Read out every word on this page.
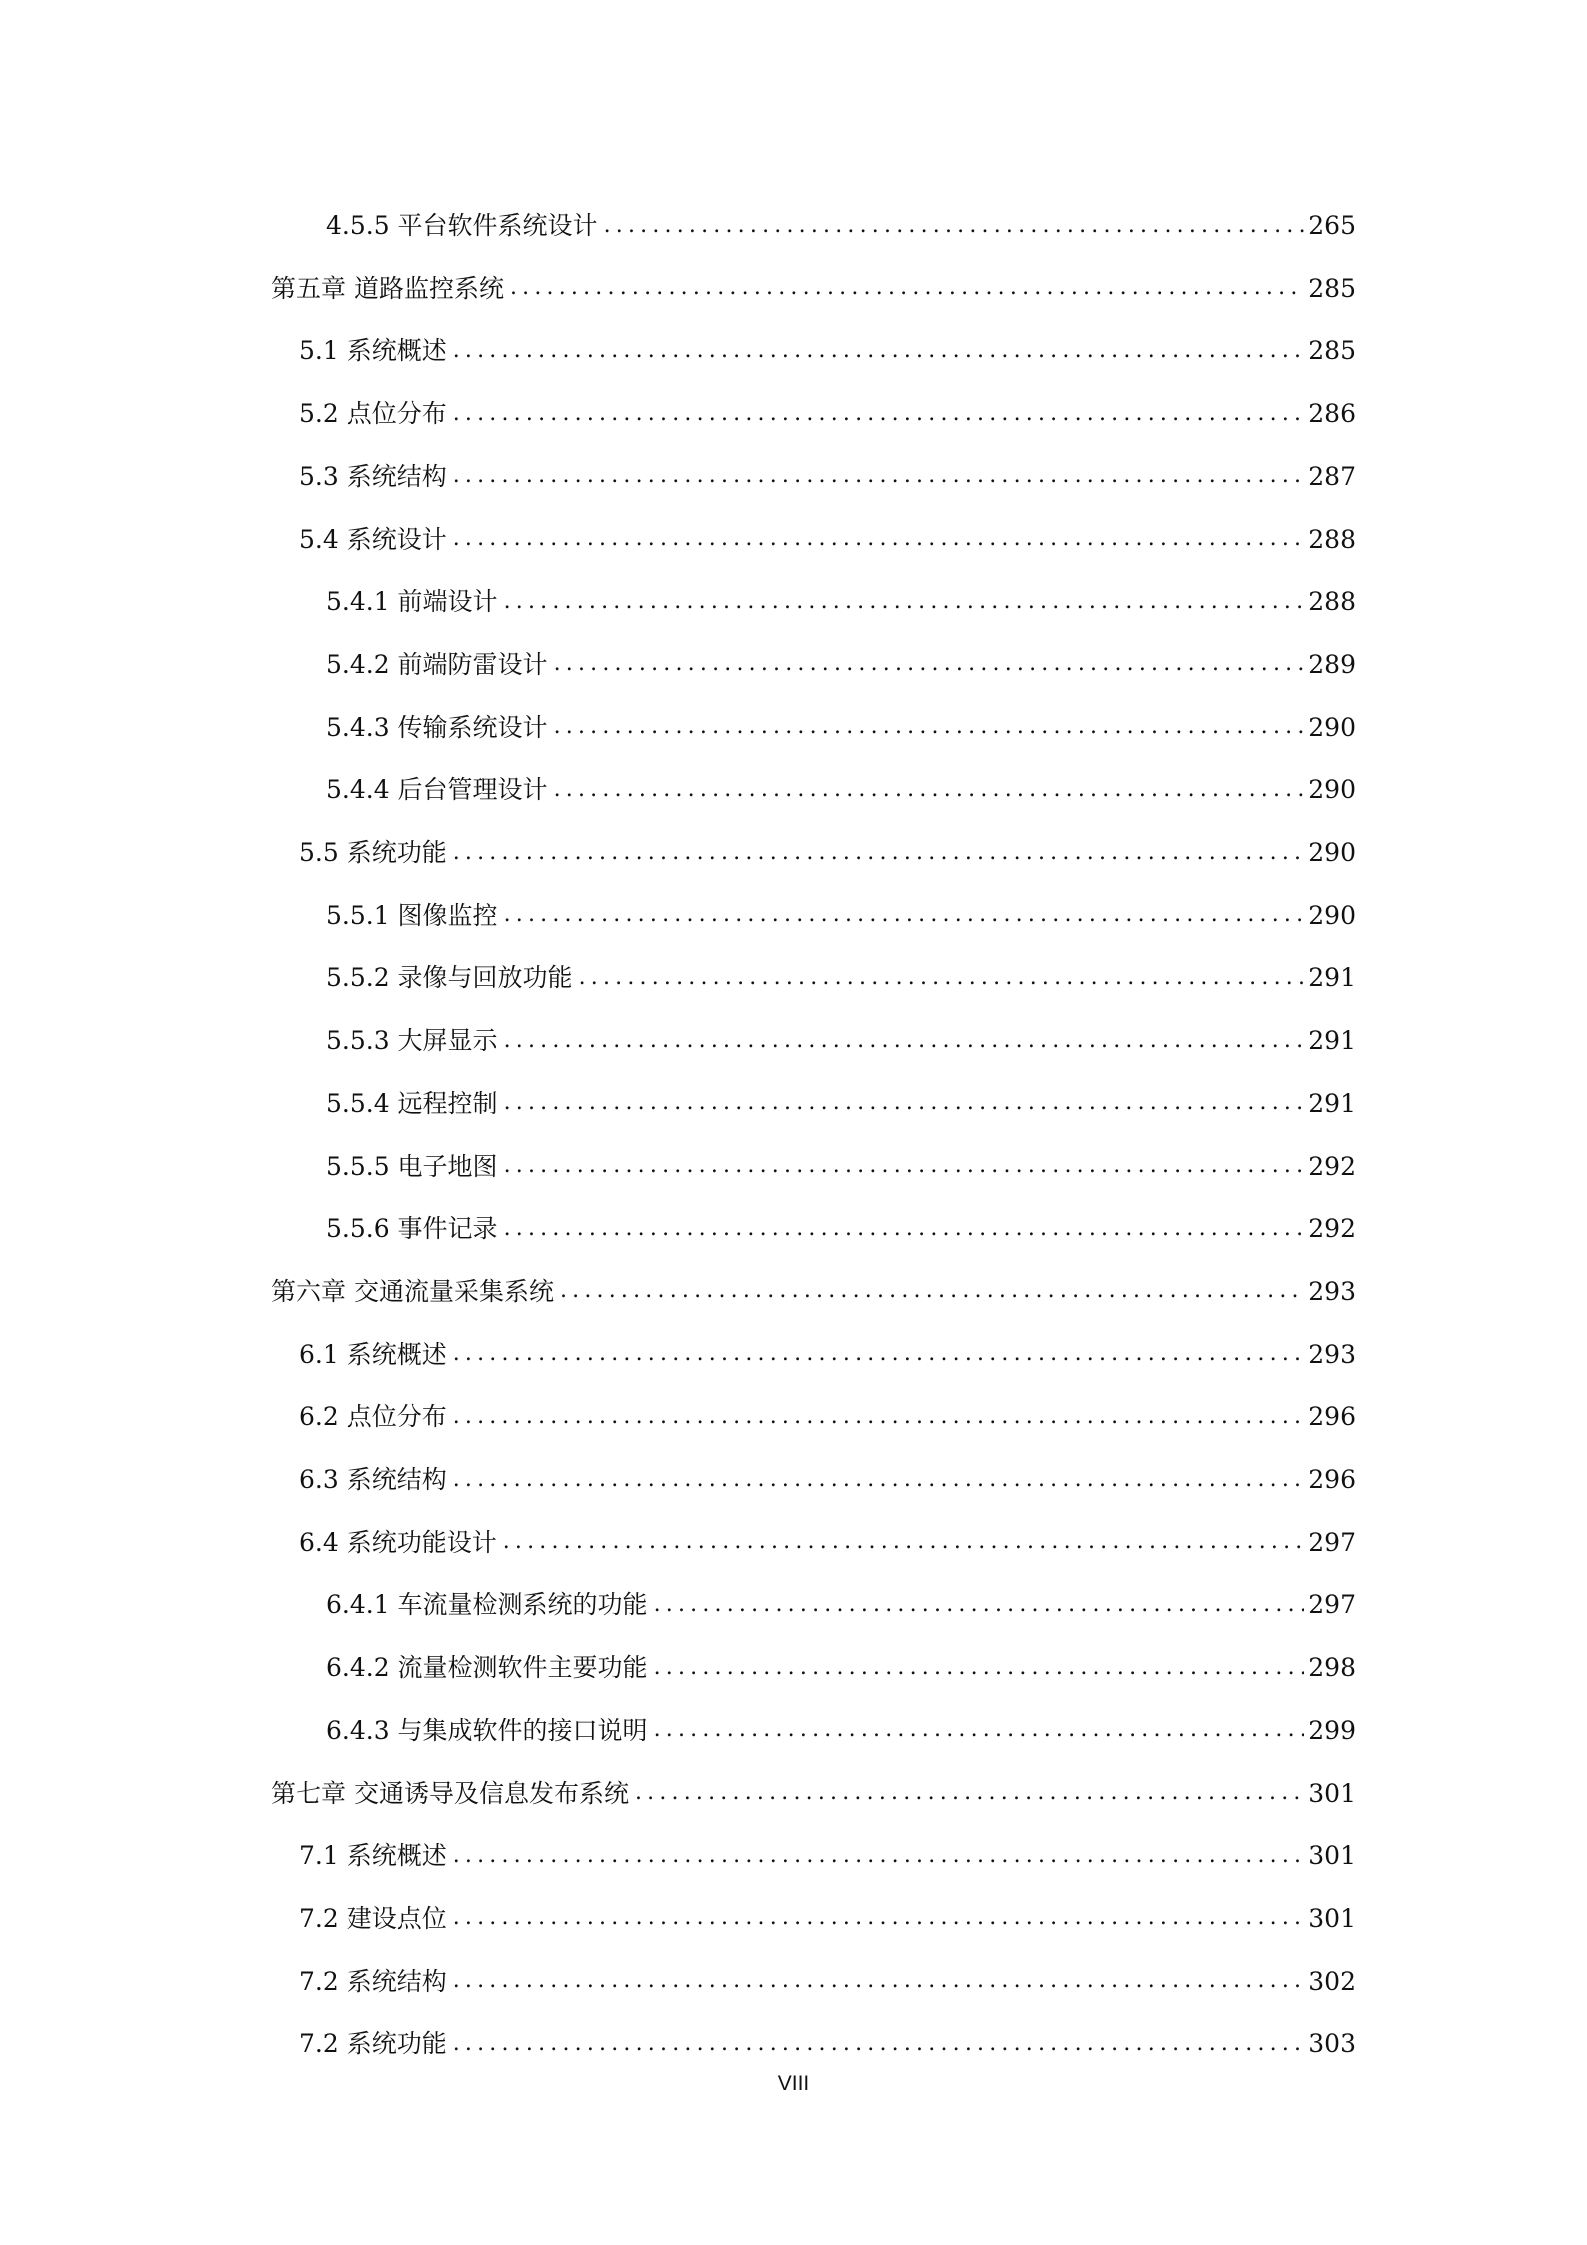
4.5.5 平台软件系统设计 .....	265
第五章 道路监控系统 .....	285
5.1 系统概述 .....	285
5.2 点位分布 .....	286
5.3 系统结构 .....	287
5.4 系统设计 .....	288
5.4.1 前端设计 .....	288
5.4.2 前端防雷设计 .....	289
5.4.3 传输系统设计 .....	290
5.4.4 后台管理设计 .....	290
5.5 系统功能 .....	290
5.5.1 图像监控 .....	290
5.5.2 录像与回放功能 .....	291
5.5.3 大屏显示 .....	291
5.5.4 远程控制 .....	291
5.5.5 电子地图 .....	292
5.5.6 事件记录 .....	292
第六章 交通流量采集系统 .....	293
6.1 系统概述 .....	293
6.2 点位分布 .....	296
6.3 系统结构 .....	296
6.4 系统功能设计 .....	297
6.4.1 车流量检测系统的功能 .....	297
6.4.2 流量检测软件主要功能 .....	298
6.4.3 与集成软件的接口说明 .....	299
第七章 交通诱导及信息发布系统 .....	301
7.1 系统概述 .....	301
7.2 建设点位 .....	301
7.2 系统结构 .....	302
7.2 系统功能 .....	303
VIII
